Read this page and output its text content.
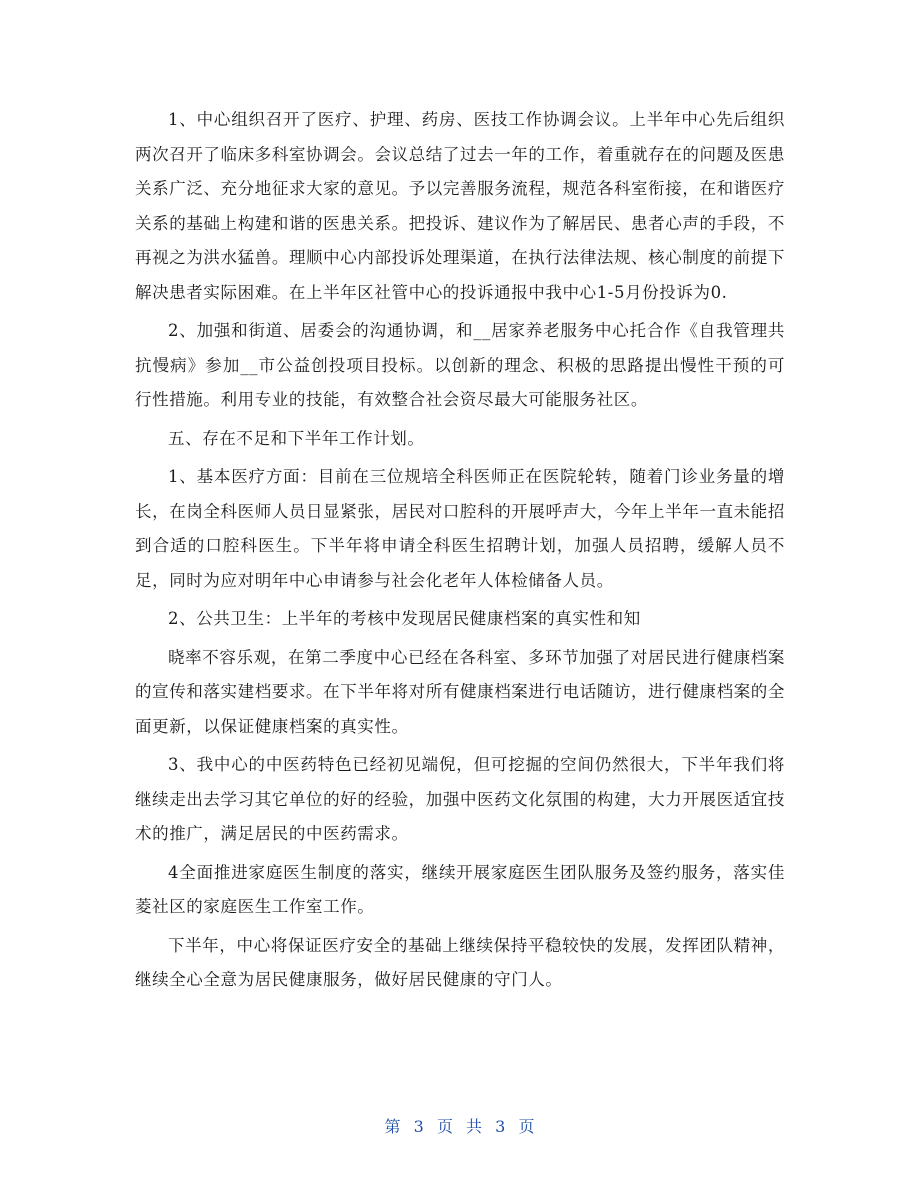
1、中心组织召开了医疗、护理、药房、医技工作协调会议。上半年中心先后组织两次召开了临床多科室协调会。会议总结了过去一年的工作，着重就存在的问题及医患关系广泛、充分地征求大家的意见。予以完善服务流程，规范各科室衔接，在和谐医疗关系的基础上构建和谐的医患关系。把投诉、建议作为了解居民、患者心声的手段，不再视之为洪水猛兽。理顺中心内部投诉处理渠道，在执行法律法规、核心制度的前提下解决患者实际困难。在上半年区社管中心的投诉通报中我中心1-5月份投诉为0.

2、加强和街道、居委会的沟通协调，和__居家养老服务中心托合作《自我管理共抗慢病》参加__市公益创投项目投标。以创新的理念、积极的思路提出慢性干预的可行性措施。利用专业的技能，有效整合社会资尽最大可能服务社区。

五、存在不足和下半年工作计划。

1、基本医疗方面：目前在三位规培全科医师正在医院轮转，随着门诊业务量的增长，在岗全科医师人员日显紧张，居民对口腔科的开展呼声大，今年上半年一直未能招到合适的口腔科医生。下半年将申请全科医生招聘计划，加强人员招聘，缓解人员不足，同时为应对明年中心申请参与社会化老年人体检储备人员。

2、公共卫生：上半年的考核中发现居民健康档案的真实性和知

晓率不容乐观，在第二季度中心已经在各科室、多环节加强了对居民进行健康档案的宣传和落实建档要求。在下半年将对所有健康档案进行电话随访，进行健康档案的全面更新，以保证健康档案的真实性。

3、我中心的中医药特色已经初见端倪，但可挖掘的空间仍然很大，下半年我们将继续走出去学习其它单位的好的经验，加强中医药文化氛围的构建，大力开展医适宜技术的推广，满足居民的中医药需求。

4全面推进家庭医生制度的落实，继续开展家庭医生团队服务及签约服务，落实佳菱社区的家庭医生工作室工作。

下半年，中心将保证医疗安全的基础上继续保持平稳较快的发展，发挥团队精神，继续全心全意为居民健康服务，做好居民健康的守门人。

第 3 页 共 3 页
